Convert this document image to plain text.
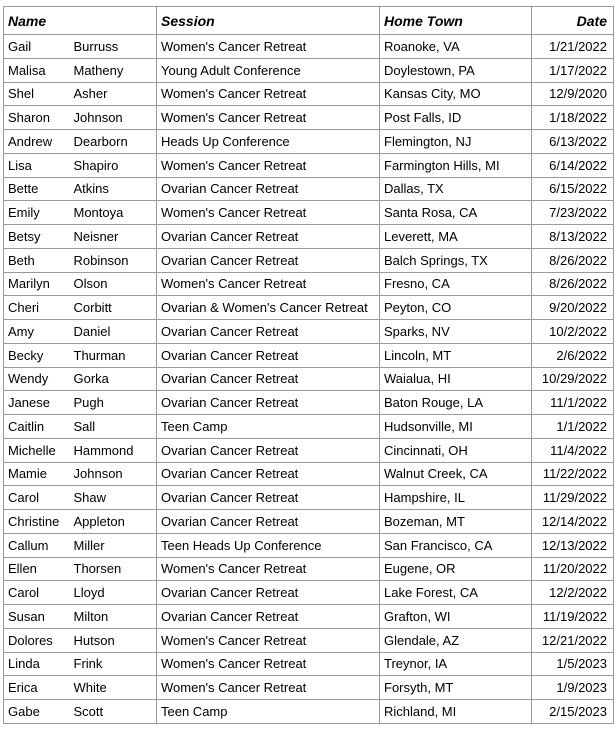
Name		Session	Home Town	Date

Gail	Burruss	Women's Cancer Retreat	Roanoke, VA	1/21/2022
Malisa	Matheny	Young Adult Conference	Doylestown, PA	1/17/2022
Shel	Asher	Women's Cancer Retreat	Kansas City, MO	12/9/2020
Sharon	Johnson	Women's Cancer Retreat	Post Falls, ID	1/18/2022
Andrew	Dearborn	Heads Up Conference	Flemington, NJ	6/13/2022
Lisa	Shapiro	Women's Cancer Retreat	Farmington Hills, MI	6/14/2022
Bette	Atkins	Ovarian Cancer Retreat	Dallas, TX	6/15/2022
Emily	Montoya	Women's Cancer Retreat	Santa Rosa, CA	7/23/2022
Betsy	Neisner	Ovarian Cancer Retreat	Leverett, MA	8/13/2022
Beth	Robinson	Ovarian Cancer Retreat	Balch Springs, TX	8/26/2022
Marilyn	Olson	Women's Cancer Retreat	Fresno, CA	8/26/2022
Cheri	Corbitt	Ovarian & Women's Cancer Retreat	Peyton, CO	9/20/2022
Amy	Daniel	Ovarian Cancer Retreat	Sparks, NV	10/2/2022
Becky	Thurman	Ovarian Cancer Retreat	Lincoln, MT	2/6/2022
Wendy	Gorka	Ovarian Cancer Retreat	Waialua, HI	10/29/2022
Janese	Pugh	Ovarian Cancer Retreat	Baton Rouge, LA	11/1/2022
Caitlin	Sall	Teen Camp	Hudsonville, MI	1/1/2022
Michelle	Hammond	Ovarian Cancer Retreat	Cincinnati, OH	11/4/2022
Mamie	Johnson	Ovarian Cancer Retreat	Walnut Creek, CA	11/22/2022
Carol	Shaw	Ovarian Cancer Retreat	Hampshire, IL	11/29/2022
Christine	Appleton	Ovarian Cancer Retreat	Bozeman, MT	12/14/2022
Callum	Miller	Teen Heads Up Conference	San Francisco, CA	12/13/2022
Ellen	Thorsen	Women's Cancer Retreat	Eugene, OR	11/20/2022
Carol	Lloyd	Ovarian Cancer Retreat	Lake Forest, CA	12/2/2022
Susan	Milton	Ovarian Cancer Retreat	Grafton, WI	11/19/2022
Dolores	Hutson	Women's Cancer Retreat	Glendale, AZ	12/21/2022
Linda	Frink	Women's Cancer Retreat	Treynor, IA	1/5/2023
Erica	White	Women's Cancer Retreat	Forsyth, MT	1/9/2023
Gabe	Scott	Teen Camp	Richland, MI	2/15/2023
